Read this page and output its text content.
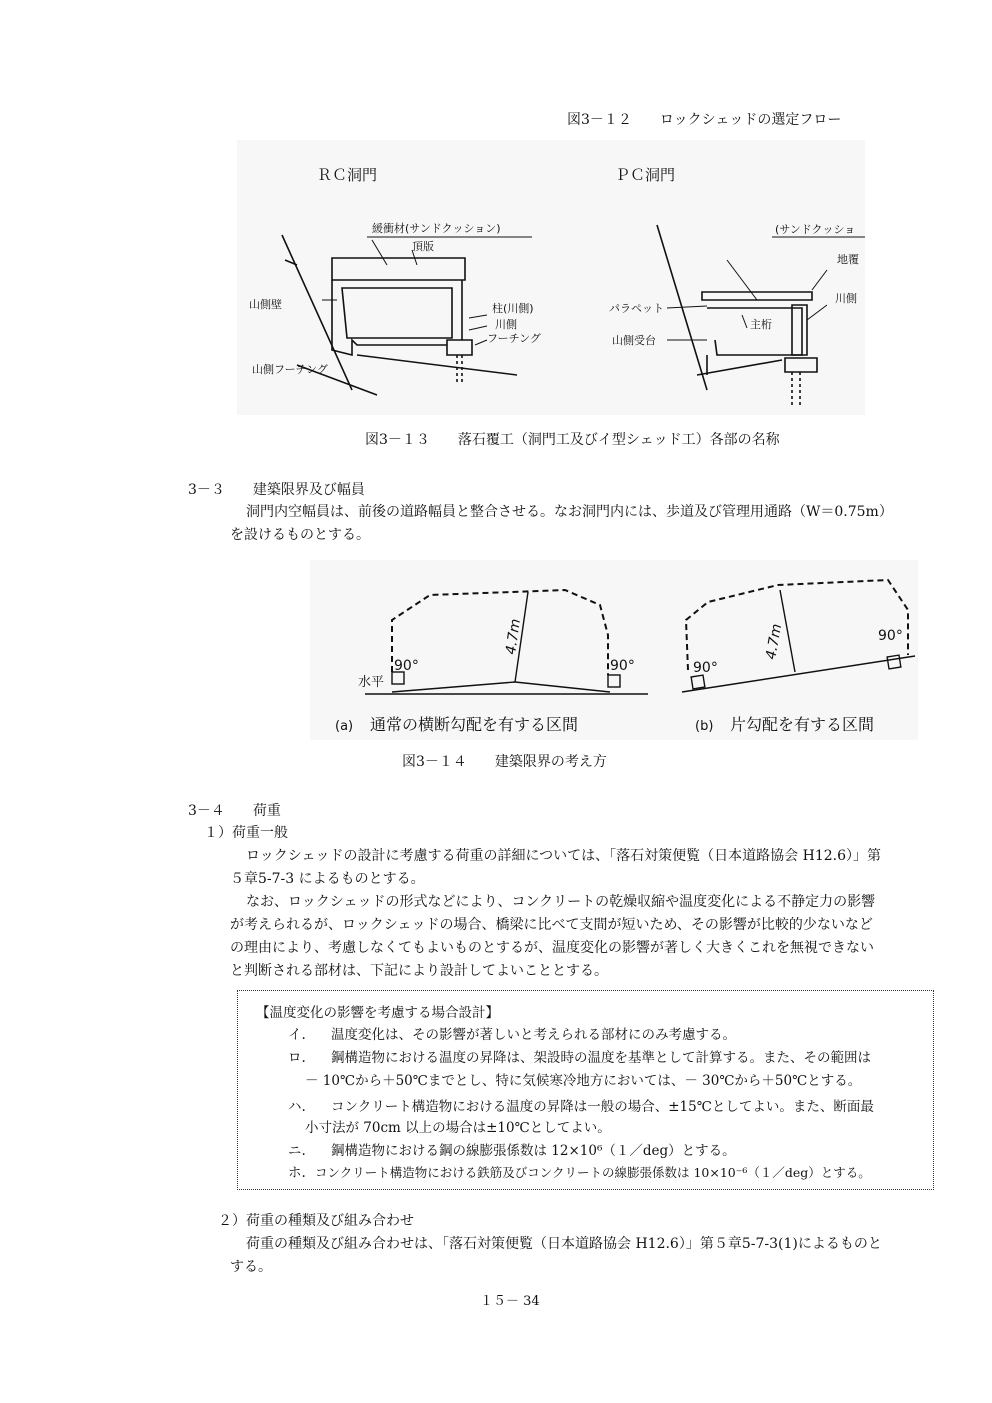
図3－１２　　ロックシェッドの選定フロー
ＲＣ洞門
緩衝材(サンドクッション)
頂版
山側壁	柱(川側)
川側
フーチング
山側フーチング
ＰＣ洞門
(サンドクッショ
地覆
川側
パラペット
主桁
山側受台
図3－１３　　落石覆工（洞門工及びイ型シェッド工）各部の名称
3－３　　建築限界及び幅員
洞門内空幅員は、前後の道路幅員と整合させる。なお洞門内には、歩道及び管理用通路（W＝0.75m）
を設けるものとする。
4.7m	4.7m
90°	90°	90°
90°
水平
(a) 通常の横断勾配を有する区間	(b) 片勾配を有する区間
図3－１４　　建築限界の考え方
3－４　　荷重
１）荷重一般
ロックシェッドの設計に考慮する荷重の詳細については、「落石対策便覧（日本道路協会 H12.6）」第
５章5-7-3 によるものとする。
なお、ロックシェッドの形式などにより、コンクリートの乾燥収縮や温度変化による不静定力の影響
が考えられるが、ロックシェッドの場合、橋梁に比べて支間が短いため、その影響が比較的少ないなど
の理由により、考慮しなくてもよいものとするが、温度変化の影響が著しく大きくこれを無視できない
と判断される部材は、下記により設計してよいこととする。
【温度変化の影響を考慮する場合設計】
イ. 温度変化は、その影響が著しいと考えられる部材にのみ考慮する。
ロ. 鋼構造物における温度の昇降は、架設時の温度を基準として計算する。また、その範囲は
－ 10℃から＋50℃までとし、特に気候寒冷地方においては、－ 30℃から＋50℃とする。
ハ. コンクリート構造物における温度の昇降は一般の場合、±15℃としてよい。また、断面最
小寸法が 70cm 以上の場合は±10℃としてよい。
ニ. 鋼構造物における鋼の線膨張係数は 12×10⁶（１／deg）とする。
ホ. コンクリート構造物における鉄筋及びコンクリートの線膨張係数は 10×10⁻⁶（１／deg）とする。
２）荷重の種類及び組み合わせ
荷重の種類及び組み合わせは、「落石対策便覧（日本道路協会 H12.6）」第５章5-7-3(1)によるものと
する。
１５－ 34
